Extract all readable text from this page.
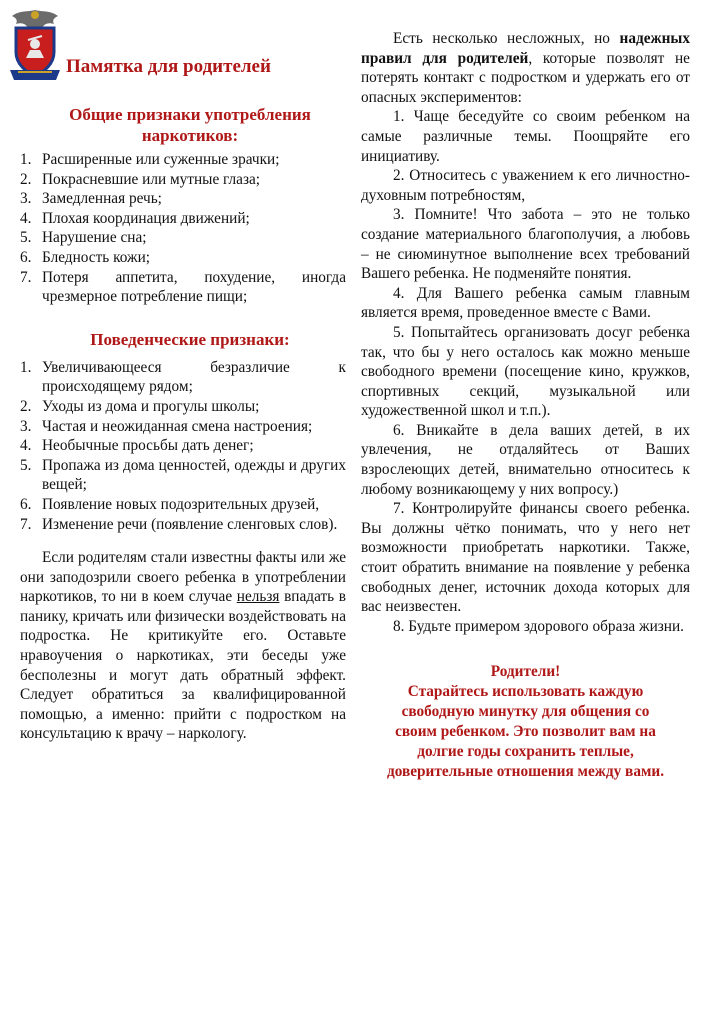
Памятка для родителей
Общие признаки употребления
наркотиков:
1. Расширенные или суженные зрачки;
2. Покрасневшие или мутные глаза;
3. Замедленная речь;
4. Плохая координация движений;
5. Нарушение сна;
6. Бледность кожи;
7. Потеря аппетита, похудение, иногда чрезмерное потребление пищи;
Поведенческие признаки:
1. Увеличивающееся безразличие к происходящему рядом;
2. Уходы из дома и прогулы школы;
3. Частая и неожиданная смена настроения;
4. Необычные просьбы дать денег;
5. Пропажа из дома ценностей, одежды и других вещей;
6. Появление новых подозрительных друзей,
7. Изменение речи (появление сленговых слов).

Если родителям стали известны факты или же они заподозрили своего ребенка в употреблении наркотиков, то ни в коем случае нельзя впадать в панику, кричать или физически воздействовать на подростка. Не критикуйте его. Оставьте нравоучения о наркотиках, эти беседы уже бесполезны и могут дать обратный эффект. Следует обратиться за квалифицированной помощью, а именно: прийти с подростком на консультацию к врачу – наркологу.

Есть несколько несложных, но надежных правил для родителей, которые позволят не потерять контакт с подростком и удержать его от опасных экспериментов:

1. Чаще беседуйте со своим ребенком на самые различные темы. Поощряйте его инициативу.

2. Относитесь с уважением к его личностно-духовным потребностям,

3. Помните! Что забота – это не только создание материального благополучия, а любовь – не сиюминутное выполнение всех требований Вашего ребенка. Не подменяйте понятия.

4. Для Вашего ребенка самым главным является время, проведенное вместе с Вами.

5. Попытайтесь организовать досуг ребенка так, что бы у него осталось как можно меньше свободного времени (посещение кино, кружков, спортивных секций, музыкальной или художественной школ и т.п.).

6. Вникайте в дела ваших детей, в их увлечения, не отдаляйтесь от Ваших взрослеющих детей, внимательно относитесь к любому возникающему у них вопросу.)

7. Контролируйте финансы своего ребенка. Вы должны чётко понимать, что у него нет возможности приобретать наркотики. Также, стоит обратить внимание на появление у ребенка свободных денег, источник дохода которых для вас неизвестен.

8. Будьте примером здорового образа жизни.

Родители!
Старайтесь использовать каждую
свободную минутку для общения со
своим ребенком. Это позволит вам на
долгие годы сохранить теплые,
доверительные отношения между вами.
